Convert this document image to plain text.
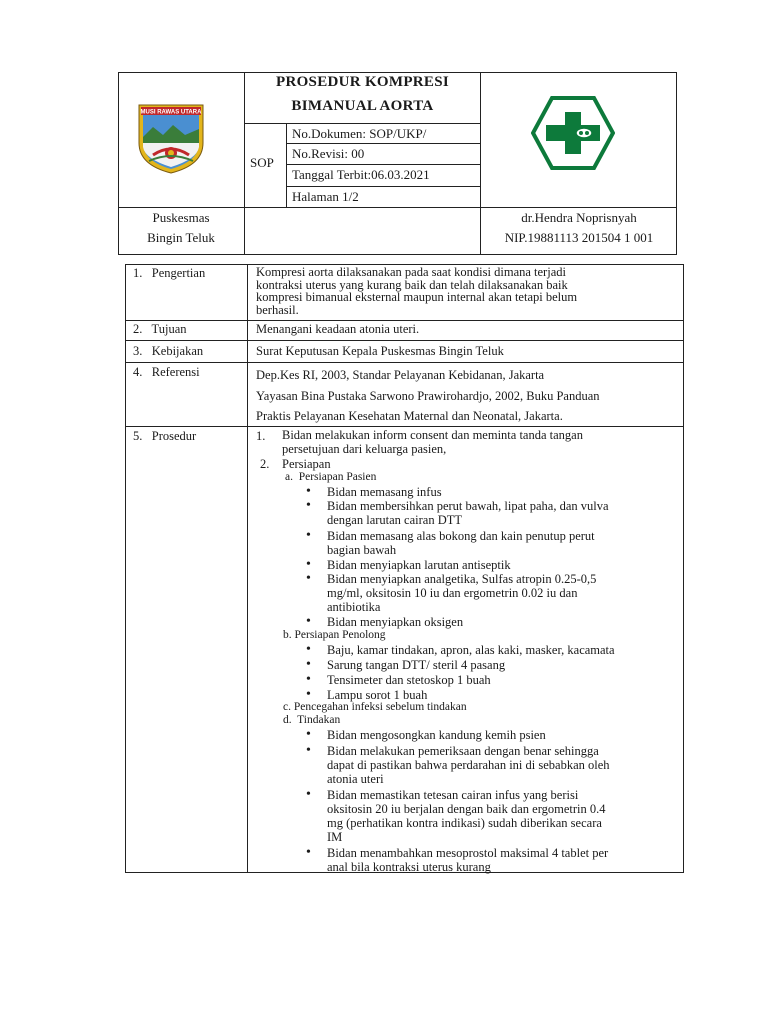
PROSEDUR KOMPRESI
BIMANUAL AORTA
SOP
No.Dokumen: SOP/UKP/
No.Revisi: 00
Tanggal Terbit:06.03.2021
Halaman 1/2
Puskesmas
Bingin Teluk
dr.Hendra Noprisnyah
NIP.19881113 201504 1 001
MUSI RAWAS UTARA
1.   Pengertian
2.   Tujuan
3.   Kebijakan
4.   Referensi
5.   Prosedur
Kompresi aorta dilaksanakan pada saat kondisi dimana terjadi
kontraksi uterus yang kurang baik dan telah dilaksanakan baik
kompresi bimanual eksternal maupun internal akan tetapi belum
berhasil.
Menangani keadaan atonia uteri.
Surat Keputusan Kepala Puskesmas Bingin Teluk
Dep.Kes RI, 2003, Standar Pelayanan Kebidanan, Jakarta
Yayasan Bina Pustaka Sarwono Prawirohardjo, 2002, Buku Panduan
Praktis Pelayanan Kesehatan Maternal dan Neonatal, Jakarta.
1. Bidan melakukan inform consent dan meminta tanda tangan
persetujuan dari keluarga pasien,
2. Persiapan
a.  Persiapan Pasien
• Bidan memasang infus
• Bidan membersihkan perut bawah, lipat paha, dan vulva
dengan larutan cairan DTT
• Bidan memasang alas bokong dan kain penutup perut
bagian bawah
• Bidan menyiapkan larutan antiseptik
• Bidan menyiapkan analgetika, Sulfas atropin 0.25-0,5
mg/ml, oksitosin 10 iu dan ergometrin 0.02 iu dan
antibiotika
• Bidan menyiapkan oksigen
b. Persiapan Penolong
• Baju, kamar tindakan, apron, alas kaki, masker, kacamata
• Sarung tangan DTT/ steril 4 pasang
• Tensimeter dan stetoskop 1 buah
• Lampu sorot 1 buah
c. Pencegahan infeksi sebelum tindakan
d.  Tindakan
• Bidan mengosongkan kandung kemih psien
• Bidan melakukan pemeriksaan dengan benar sehingga
dapat di pastikan bahwa perdarahan ini di sebabkan oleh
atonia uteri
• Bidan memastikan tetesan cairan infus yang berisi
oksitosin 20 iu berjalan dengan baik dan ergometrin 0.4
mg (perhatikan kontra indikasi) sudah diberikan secara
IM
• Bidan menambahkan mesoprostol maksimal 4 tablet per
anal bila kontraksi uterus kurang
